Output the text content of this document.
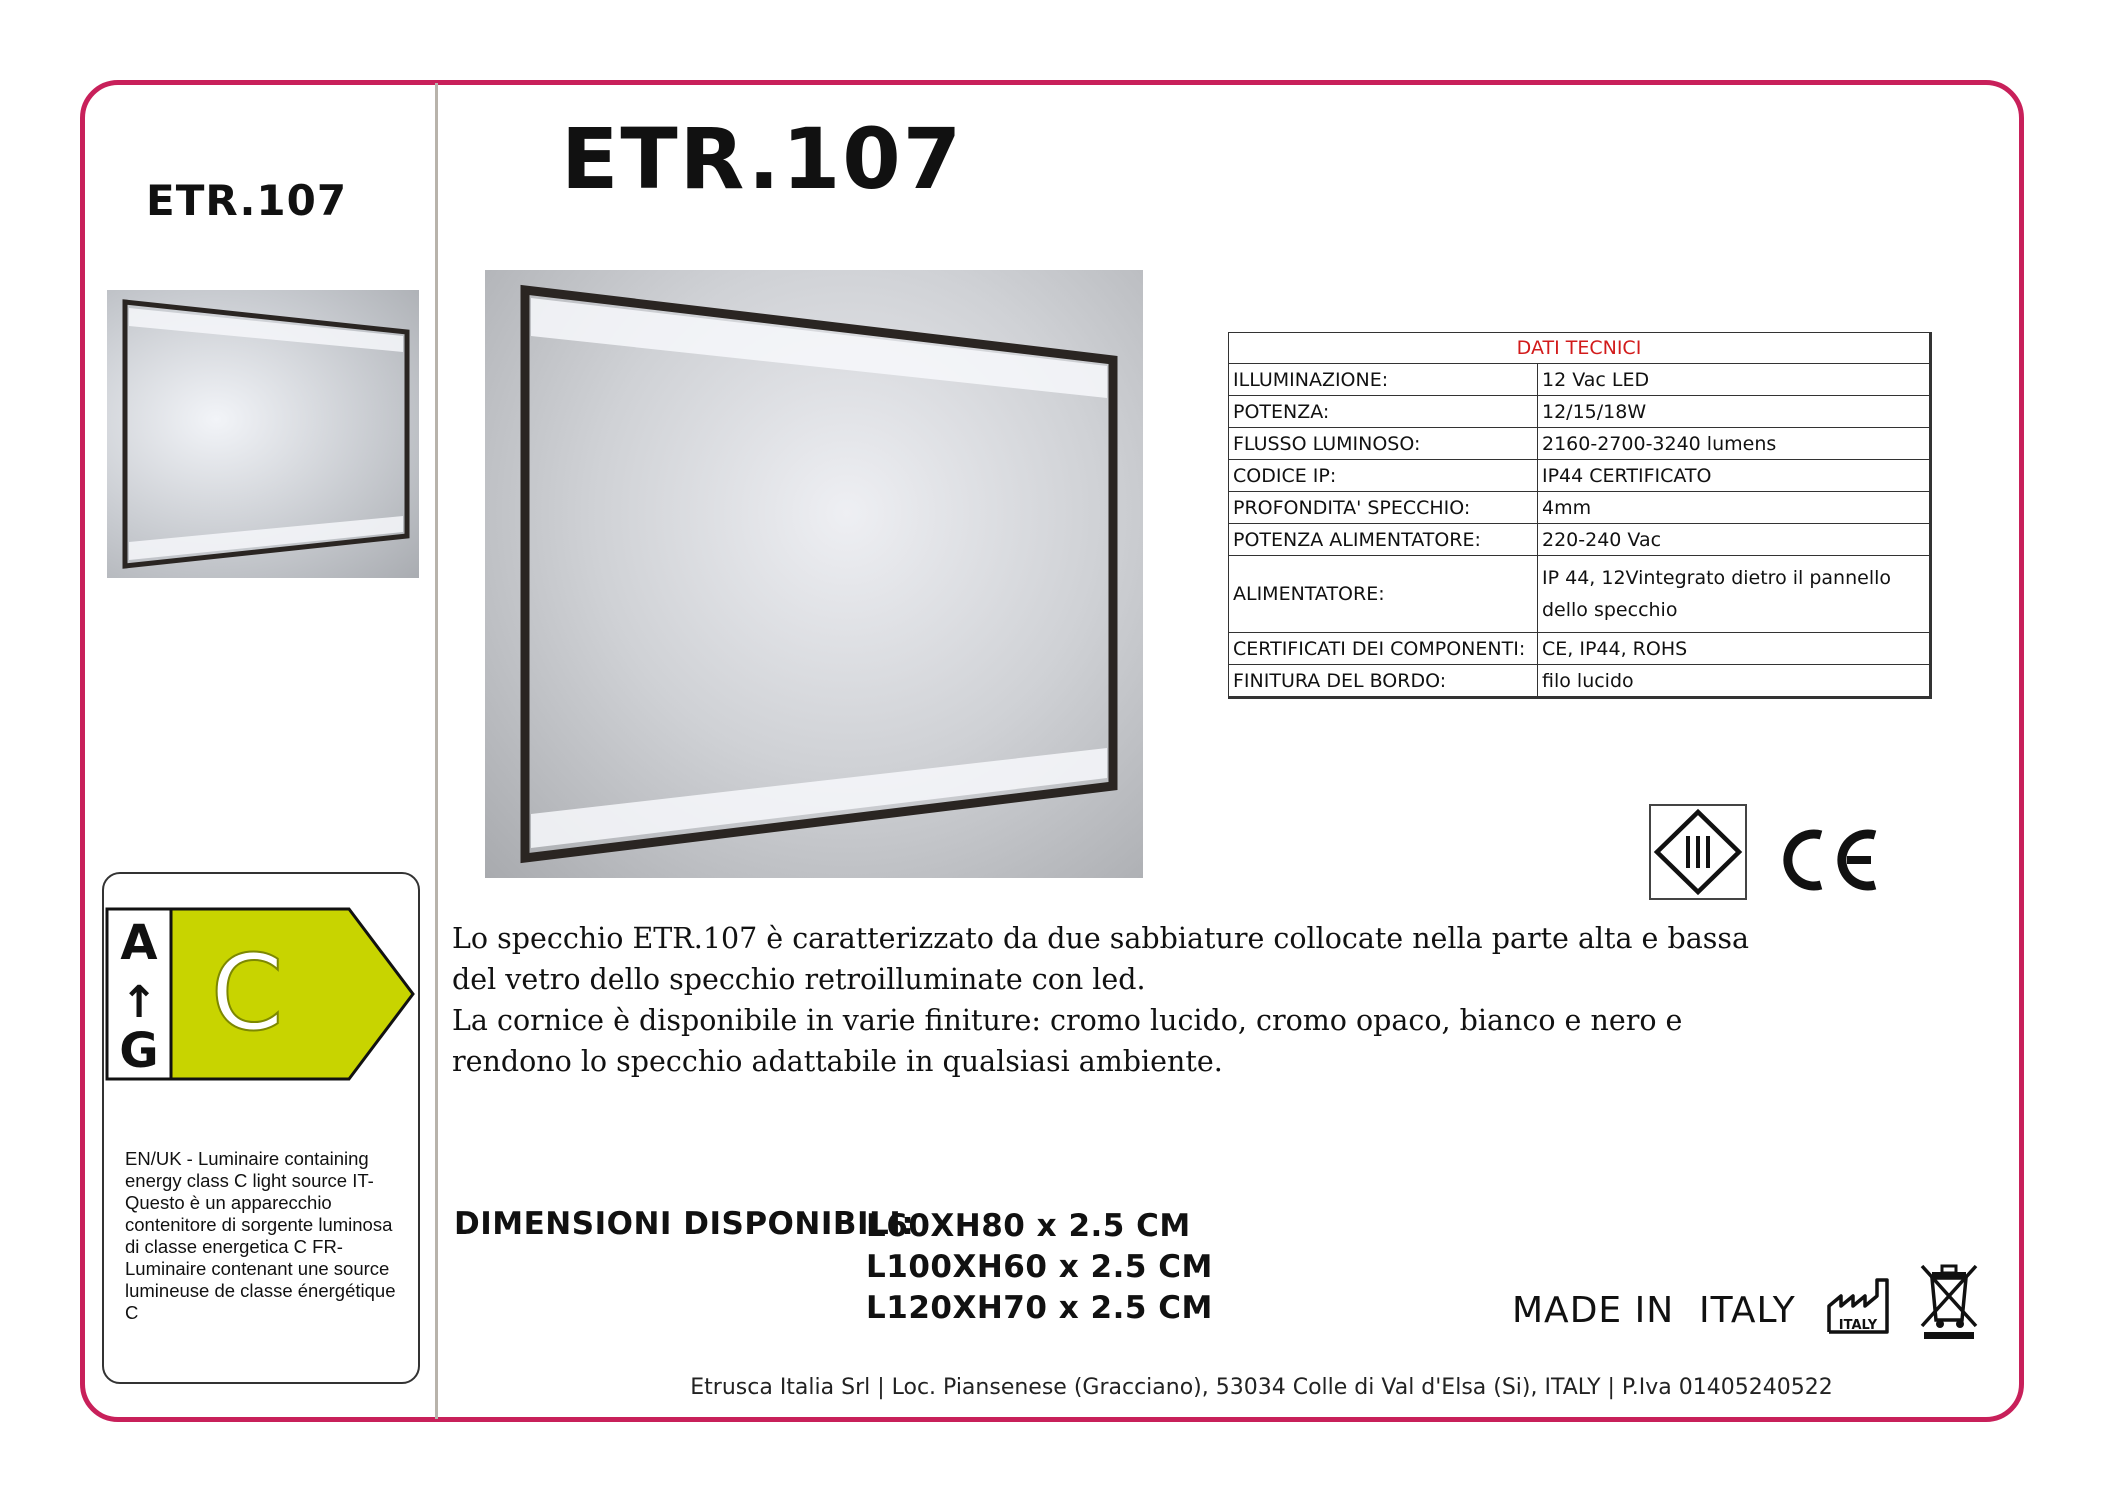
ETR.107	ETR.107
DATI TECNICI	
ILLUMINAZIONE:	12 Vac LED
POTENZA:	12/15/18W
FLUSSO LUMINOSO:	2160-2700-3240 lumens
CODICE IP:	IP44 CERTIFICATO
PROFONDITA' SPECCHIO:	4mm
POTENZA ALIMENTATORE:	220-240 Vac
ALIMENTATORE:	IP 44, 12Vintegrato dietro il pannello dello specchio
CERTIFICATI DEI COMPONENTI:	CE, IP44, ROHS
FINITURA DEL BORDO:	filo lucido
A
↑
G C
EN/UK - Luminaire containing energy class C light source IT- Questo è un apparecchio contenitore di sorgente luminosa di classe energetica C FR- Luminaire contenant une source lumineuse de classe énergétique C

Lo specchio ETR.107 è caratterizzato da due sabbiature collocate nella parte alta e bassa del vetro dello specchio retroilluminate con led.

La cornice è disponibile in varie finiture: cromo lucido, cromo opaco, bianco e nero e rendono lo specchio adattabile in qualsiasi ambiente.

DIMENSIONI DISPONIBILI:
L60XH80 x 2.5 CM
L100XH60 x 2.5 CM
L120XH70 x 2.5 CM	MADE IN  ITALY	ITALY
Etrusca Italia Srl | Loc. Piansenese (Gracciano), 53034 Colle di Val d'Elsa (Si), ITALY | P.Iva 01405240522
